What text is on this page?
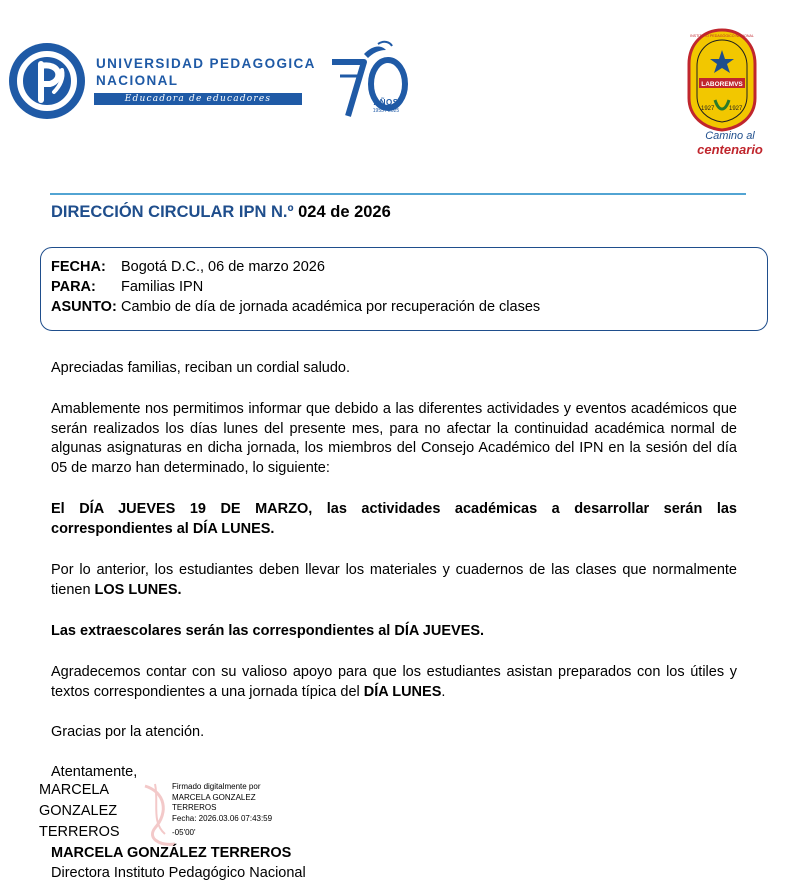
UNIVERSIDAD PEDAGOGICA
NACIONAL
Educadora de educadores	AÑOS
1955 / 2025
LABOREMVS
1927 1927
INSTITUTO PEDAGÓGICO NACIONAL
Camino al
centenario
DIRECCIÓN CIRCULAR IPN N.º 024 de 2026
FECHA: Bogotá D.C., 06 de marzo 2026
PARA: Familias IPN
ASUNTO: Cambio de día de jornada académica por recuperación de clases
Apreciadas familias, reciban un cordial saludo.
Amablemente nos permitimos informar que debido a las diferentes actividades y eventos académicos que serán realizados los días lunes del presente mes, para no afectar la continuidad académica normal de algunas asignaturas en dicha jornada, los miembros del Consejo Académico del IPN en la sesión del día 05 de marzo han determinado, lo siguiente:
El DÍA JUEVES 19 DE MARZO, las actividades académicas a desarrollar serán las correspondientes al DÍA LUNES.
Por lo anterior, los estudiantes deben llevar los materiales y cuadernos de las clases que normalmente tienen LOS LUNES.
Las extraescolares serán las correspondientes al DÍA JUEVES.
Agradecemos contar con su valioso apoyo para que los estudiantes asistan preparados con los útiles y textos correspondientes a una jornada típica del DÍA LUNES.
Gracias por la atención.
Atentamente,
MARCELA
GONZALEZ
TERREROS
Firmado digitalmente por
MARCELA GONZALEZ
TERREROS
Fecha: 2026.03.06 07:43:59
-05'00'
MARCELA GONZÁLEZ TERREROS
Directora Instituto Pedagógico Nacional
